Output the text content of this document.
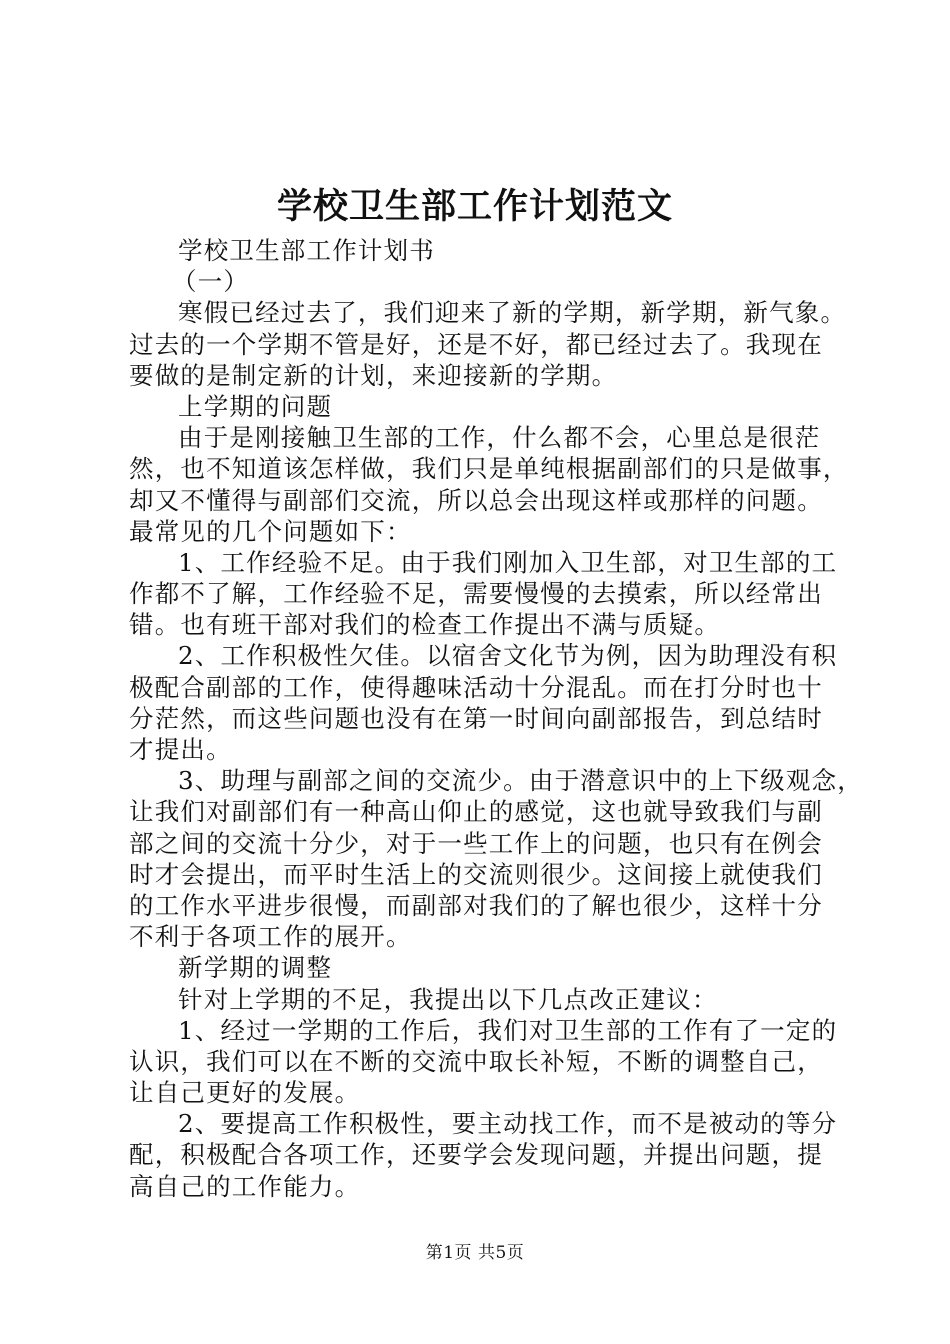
学校卫生部工作计划范文
学校卫生部工作计划书
（一）
寒假已经过去了，我们迎来了新的学期，新学期，新气象。
过去的一个学期不管是好，还是不好，都已经过去了。我现在
要做的是制定新的计划，来迎接新的学期。
上学期的问题
由于是刚接触卫生部的工作，什么都不会，心里总是很茫
然，也不知道该怎样做，我们只是单纯根据副部们的只是做事，
却又不懂得与副部们交流，所以总会出现这样或那样的问题。
最常见的几个问题如下：
1、工作经验不足。由于我们刚加入卫生部，对卫生部的工
作都不了解，工作经验不足，需要慢慢的去摸索，所以经常出
错。也有班干部对我们的检查工作提出不满与质疑。
2、工作积极性欠佳。以宿舍文化节为例，因为助理没有积
极配合副部的工作，使得趣味活动十分混乱。而在打分时也十
分茫然，而这些问题也没有在第一时间向副部报告，到总结时
才提出。
3、助理与副部之间的交流少。由于潜意识中的上下级观念，
让我们对副部们有一种高山仰止的感觉，这也就导致我们与副
部之间的交流十分少，对于一些工作上的问题，也只有在例会
时才会提出，而平时生活上的交流则很少。这间接上就使我们
的工作水平进步很慢，而副部对我们的了解也很少，这样十分
不利于各项工作的展开。
新学期的调整
针对上学期的不足，我提出以下几点改正建议：
1、经过一学期的工作后，我们对卫生部的工作有了一定的
认识，我们可以在不断的交流中取长补短，不断的调整自己，
让自己更好的发展。
2、要提高工作积极性，要主动找工作，而不是被动的等分
配，积极配合各项工作，还要学会发现问题，并提出问题，提
高自己的工作能力。
第1页 共5页
